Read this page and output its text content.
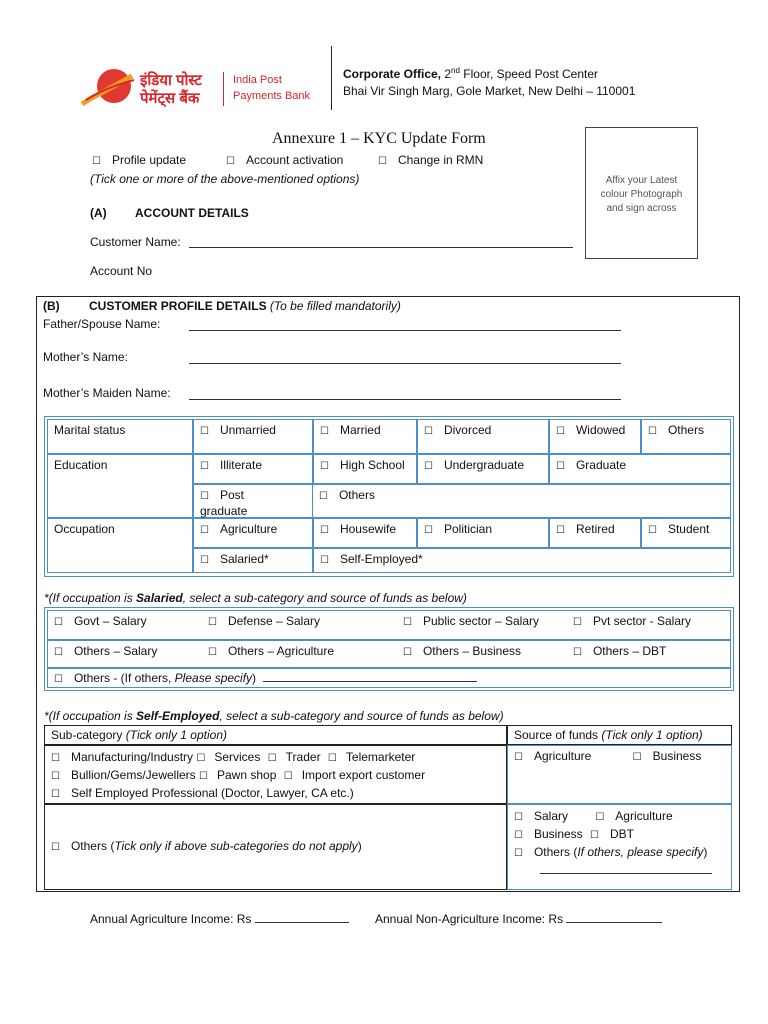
इंडिया पोस्ट
पेमेंट्स बैंक
India Post
Payments Bank
Corporate Office, 2nd Floor, Speed Post Center
Bhai Vir Singh Marg, Gole Market, New Delhi – 110001
Annexure 1 – KYC Update Form
Affix your Latest
colour Photograph
and sign across
☐ Profile update	☐ Account activation	☐ Change in RMN
(Tick one or more of the above-mentioned options)
(A) ACCOUNT DETAILS
Customer Name:
Account No
(B) CUSTOMER PROFILE DETAILS (To be filled mandatorily)
Father/Spouse Name:
Mother’s Name:
Mother’s Maiden Name:
Marital status	☐ Unmarried	☐ Married	☐ Divorced	☐ Widowed	☐ Others
Education	☐ Illiterate	☐ High School	☐ Undergraduate	☐ Graduate
☐ Post
graduate
☐ Others
Occupation	☐ Agriculture	☐ Housewife	☐ Politician	☐ Retired	☐ Student
☐ Salaried*	☐ Self-Employed*
*(If occupation is Salaried, select a sub-category and source of funds as below)
☐ Govt – Salary	☐ Defense – Salary	☐ Public sector – Salary	☐ Pvt sector - Salary
☐ Others – Salary	☐ Others – Agriculture	☐ Others – Business	☐ Others – DBT
☐ Others - (If others, Please specify)
*(If occupation is Self-Employed, select a sub-category and source of funds as below)
Sub-category (Tick only 1 option)	Source of funds (Tick only 1 option)
☐ Manufacturing/Industry ☐ Services ☐ Trader ☐ Telemarketer
☐ Bullion/Gems/Jewellers ☐ Pawn shop ☐ Import export customer
☐ Self Employed Professional (Doctor, Lawyer, CA etc.)
☐ Agriculture	☐ Business
☐ Others (Tick only if above sub-categories do not apply)
☐ Salary	☐ Agriculture
☐ Business ☐ DBT
☐ Others (If others, please specify)
Annual Agriculture Income: Rs	Annual Non-Agriculture Income: Rs
